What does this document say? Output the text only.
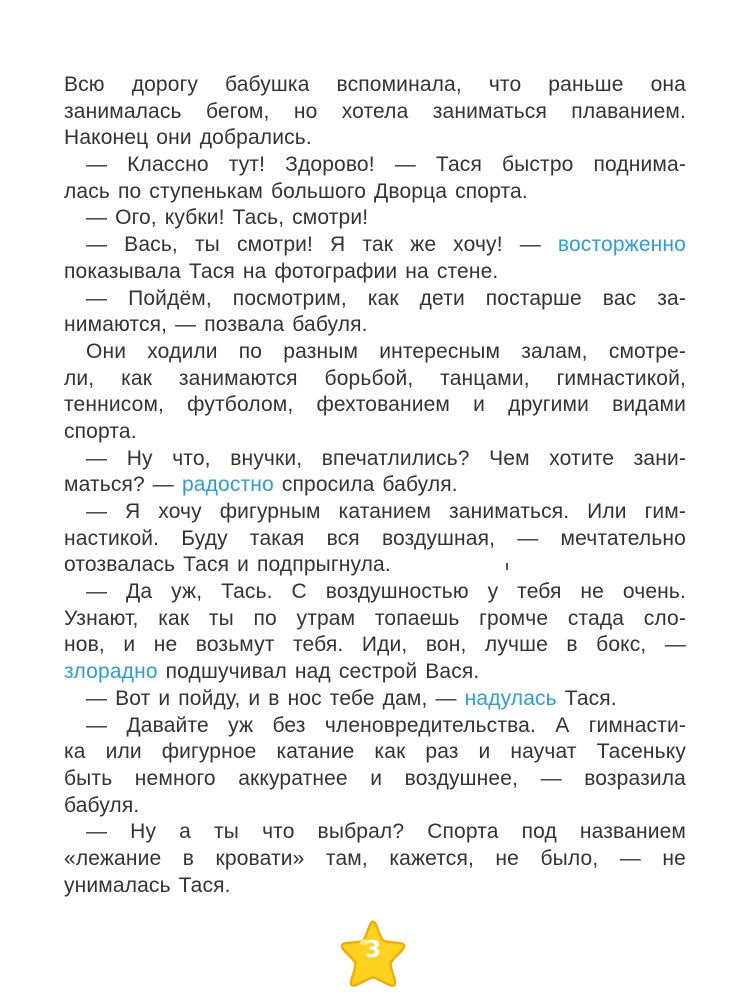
Всю дорогу бабушка вспоминала, что раньше она
занималась бегом, но хотела заниматься плаванием.
Наконец они добрались.
— Классно тут! Здорово! — Тася быстро поднима-
лась по ступенькам большого Дворца спорта.
— Ого, кубки! Тась, смотри!
— Вась, ты смотри! Я так же хочу! — восторженно
показывала Тася на фотографии на стене.
— Пойдём, посмотрим, как дети постарше вас за-
нимаются, — позвала бабуля.
Они ходили по разным интересным залам, смотре-
ли, как занимаются борьбой, танцами, гимнастикой,
теннисом, футболом, фехтованием и другими видами
спорта.
— Ну что, внучки, впечатлились? Чем хотите зани-
маться? — радостно спросила бабуля.
— Я хочу фигурным катанием заниматься. Или гим-
настикой. Буду такая вся воздушная, — мечтательно
отозвалась Тася и подпрыгнула.
— Да уж, Тась. С воздушностью у тебя не очень.
Узнают, как ты по утрам топаешь громче стада сло-
нов, и не возьмут тебя. Иди, вон, лучше в бокс, —
злорадно подшучивал над сестрой Вася.
— Вот и пойду, и в нос тебе дам, — надулась Тася.
— Давайте уж без членовредительства. А гимнасти-
ка или фигурное катание как раз и научат Тасеньку
быть немного аккуратнее и воздушнее, — возразила
бабуля.
— Ну а ты что выбрал? Спорта под названием
«лежание в кровати» там, кажется, не было, — не
унималась Тася.
3
